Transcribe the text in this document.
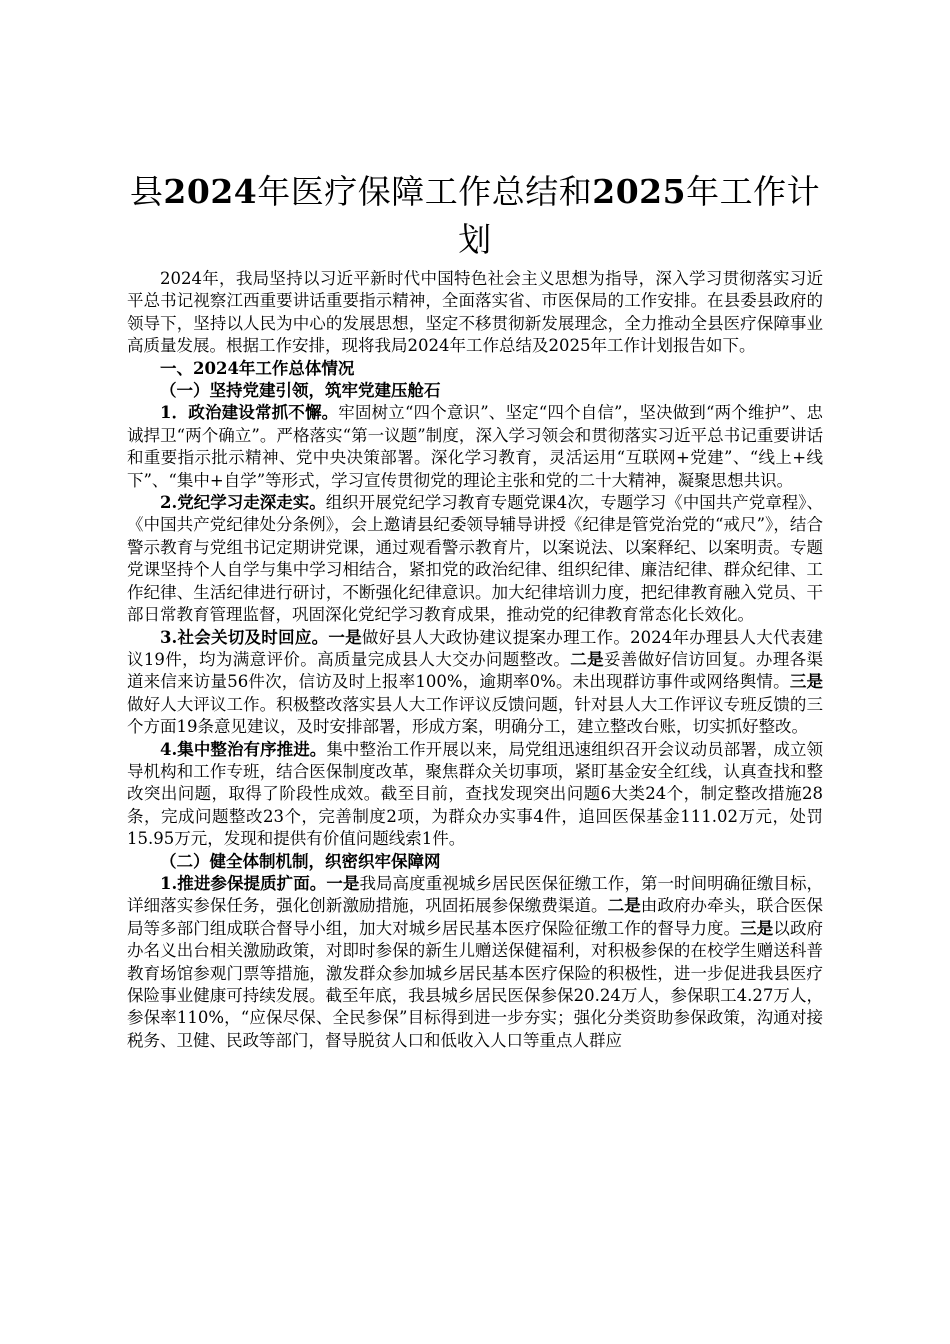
县2024年医疗保障工作总结和2025年工作计划

2024年，我局坚持以习近平新时代中国特色社会主义思想为指导，深入学习贯彻落实习近平总书记视察江西重要讲话重要指示精神，全面落实省、市医保局的工作安排。在县委县政府的领导下，坚持以人民为中心的发展思想，坚定不移贯彻新发展理念，全力推动全县医疗保障事业高质量发展。根据工作安排，现将我局2024年工作总结及2025年工作计划报告如下。

一、2024年工作总体情况

（一）坚持党建引领，筑牢党建压舱石

1．政治建设常抓不懈。牢固树立“四个意识”、坚定“四个自信”，坚决做到“两个维护”、忠诚捍卫“两个确立”。严格落实“第一议题”制度，深入学习领会和贯彻落实习近平总书记重要讲话和重要指示批示精神、党中央决策部署。深化学习教育，灵活运用“互联网+党建”、“线上+线下”、“集中+自学”等形式，学习宣传贯彻党的理论主张和党的二十大精神，凝聚思想共识。

2.党纪学习走深走实。组织开展党纪学习教育专题党课4次，专题学习《中国共产党章程》、《中国共产党纪律处分条例》，会上邀请县纪委领导辅导讲授《纪律是管党治党的“戒尺”》，结合警示教育与党组书记定期讲党课，通过观看警示教育片，以案说法、以案释纪、以案明责。专题党课坚持个人自学与集中学习相结合，紧扣党的政治纪律、组织纪律、廉洁纪律、群众纪律、工作纪律、生活纪律进行研讨，不断强化纪律意识。加大纪律培训力度，把纪律教育融入党员、干部日常教育管理监督，巩固深化党纪学习教育成果，推动党的纪律教育常态化长效化。

3.社会关切及时回应。一是做好县人大政协建议提案办理工作。2024年办理县人大代表建议19件，均为满意评价。高质量完成县人大交办问题整改。二是妥善做好信访回复。办理各渠道来信来访量56件次，信访及时上报率100%，逾期率0%。未出现群访事件或网络舆情。三是做好人大评议工作。积极整改落实县人大工作评议反馈问题，针对县人大工作评议专班反馈的三个方面19条意见建议，及时安排部署，形成方案，明确分工，建立整改台账，切实抓好整改。

4.集中整治有序推进。集中整治工作开展以来，局党组迅速组织召开会议动员部署，成立领导机构和工作专班，结合医保制度改革，聚焦群众关切事项，紧盯基金安全红线，认真查找和整改突出问题，取得了阶段性成效。截至目前，查找发现突出问题6大类24个，制定整改措施28条，完成问题整改23个，完善制度2项，为群众办实事4件，追回医保基金111.02万元，处罚15.95万元，发现和提供有价值问题线索1件。

（二）健全体制机制，织密织牢保障网

1.推进参保提质扩面。一是我局高度重视城乡居民医保征缴工作，第一时间明确征缴目标，详细落实参保任务，强化创新激励措施，巩固拓展参保缴费渠道。二是由政府办牵头，联合医保局等多部门组成联合督导小组，加大对城乡居民基本医疗保险征缴工作的督导力度。三是以政府办名义出台相关激励政策，对即时参保的新生儿赠送保健福利，对积极参保的在校学生赠送科普教育场馆参观门票等措施，激发群众参加城乡居民基本医疗保险的积极性，进一步促进我县医疗保险事业健康可持续发展。截至年底，我县城乡居民医保参保20.24万人，参保职工4.27万人，参保率110%，“应保尽保、全民参保”目标得到进一步夯实；强化分类资助参保政策，沟通对接税务、卫健、民政等部门，督导脱贫人口和低收入人口等重点人群应
